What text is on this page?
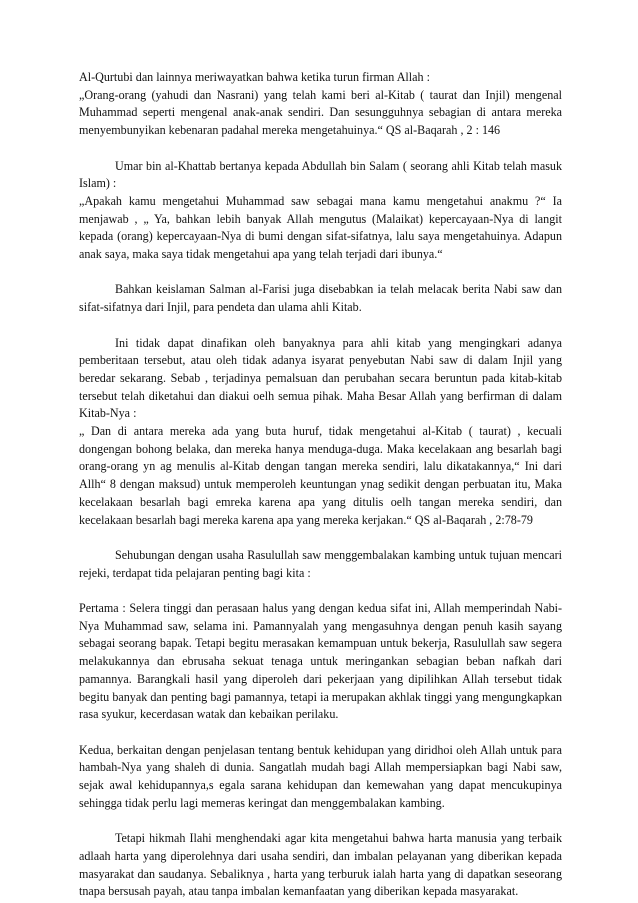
Al-Qurtubi dan lainnya meriwayatkan bahwa ketika turun firman Allah :

„Orang-orang (yahudi dan Nasrani) yang telah kami beri al-Kitab ( taurat dan Injil) mengenal Muhammad seperti mengenal anak-anak sendiri. Dan sesungguhnya sebagian di antara mereka menyembunyikan kebenaran padahal mereka mengetahuinya.“ QS al-Baqarah , 2 : 146

Umar bin al-Khattab bertanya kepada Abdullah bin Salam ( seorang ahli Kitab telah masuk Islam) :

„Apakah kamu mengetahui Muhammad saw sebagai mana kamu mengetahui anakmu ?“ Ia menjawab , „ Ya, bahkan lebih banyak Allah mengutus (Malaikat) kepercayaan-Nya di langit kepada (orang) kepercayaan-Nya di bumi dengan sifat-sifatnya, lalu saya mengetahuinya. Adapun anak saya, maka saya tidak mengetahui apa yang telah terjadi dari ibunya.“

Bahkan keislaman Salman al-Farisi juga disebabkan ia telah melacak berita Nabi saw dan sifat-sifatnya dari Injil, para pendeta dan ulama ahli Kitab.

Ini tidak dapat dinafikan oleh banyaknya para ahli kitab yang mengingkari adanya pemberitaan tersebut, atau oleh tidak adanya isyarat penyebutan Nabi saw di dalam Injil yang beredar sekarang. Sebab , terjadinya pemalsuan dan perubahan secara beruntun pada kitab-kitab tersebut telah diketahui dan diakui oelh semua pihak. Maha Besar Allah yang berfirman di dalam Kitab-Nya :

„ Dan di antara mereka ada yang buta huruf, tidak mengetahui al-Kitab ( taurat) , kecuali dongengan bohong belaka, dan mereka hanya menduga-duga. Maka kecelakaan ang besarlah bagi orang-orang yn ag menulis al-Kitab dengan tangan mereka sendiri, lalu dikatakannya,“ Ini dari Allh“ 8 dengan maksud) untuk memperoleh keuntungan ynag sedikit dengan perbuatan itu, Maka kecelakaan besarlah bagi emreka karena apa yang ditulis oelh tangan mereka sendiri, dan kecelakaan besarlah bagi mereka karena apa yang mereka kerjakan.“ QS al-Baqarah , 2:78-79

Sehubungan dengan usaha Rasulullah saw menggembalakan kambing untuk tujuan mencari rejeki, terdapat tida pelajaran penting bagi kita :

Pertama : Selera tinggi dan perasaan halus yang dengan kedua sifat ini, Allah memperindah Nabi-Nya Muhammad saw, selama ini. Pamannyalah yang mengasuhnya dengan penuh kasih sayang sebagai seorang bapak. Tetapi begitu merasakan kemampuan untuk bekerja, Rasulullah saw segera melakukannya dan ebrusaha sekuat tenaga untuk meringankan sebagian beban nafkah dari pamannya. Barangkali hasil yang diperoleh dari pekerjaan yang dipilihkan Allah tersebut tidak begitu banyak dan penting bagi pamannya, tetapi ia merupakan akhlak tinggi yang mengungkapkan rasa syukur, kecerdasan watak dan kebaikan perilaku.

Kedua, berkaitan dengan penjelasan tentang bentuk kehidupan yang diridhoi oleh Allah untuk para hambah-Nya yang shaleh di dunia. Sangatlah mudah bagi Allah mempersiapkan bagi Nabi saw, sejak awal kehidupannya,s egala sarana kehidupan dan kemewahan yang dapat mencukupinya sehingga tidak perlu lagi memeras keringat dan menggembalakan kambing.

Tetapi hikmah Ilahi menghendaki agar kita mengetahui bahwa harta manusia yang terbaik adlaah harta yang diperolehnya dari usaha sendiri, dan imbalan pelayanan yang diberikan kepada masyarakat dan saudanya. Sebaliknya , harta yang terburuk ialah harta yang di dapatkan seseorang tnapa bersusah payah, atau tanpa imbalan kemanfaatan yang diberikan kepada masyarakat.
